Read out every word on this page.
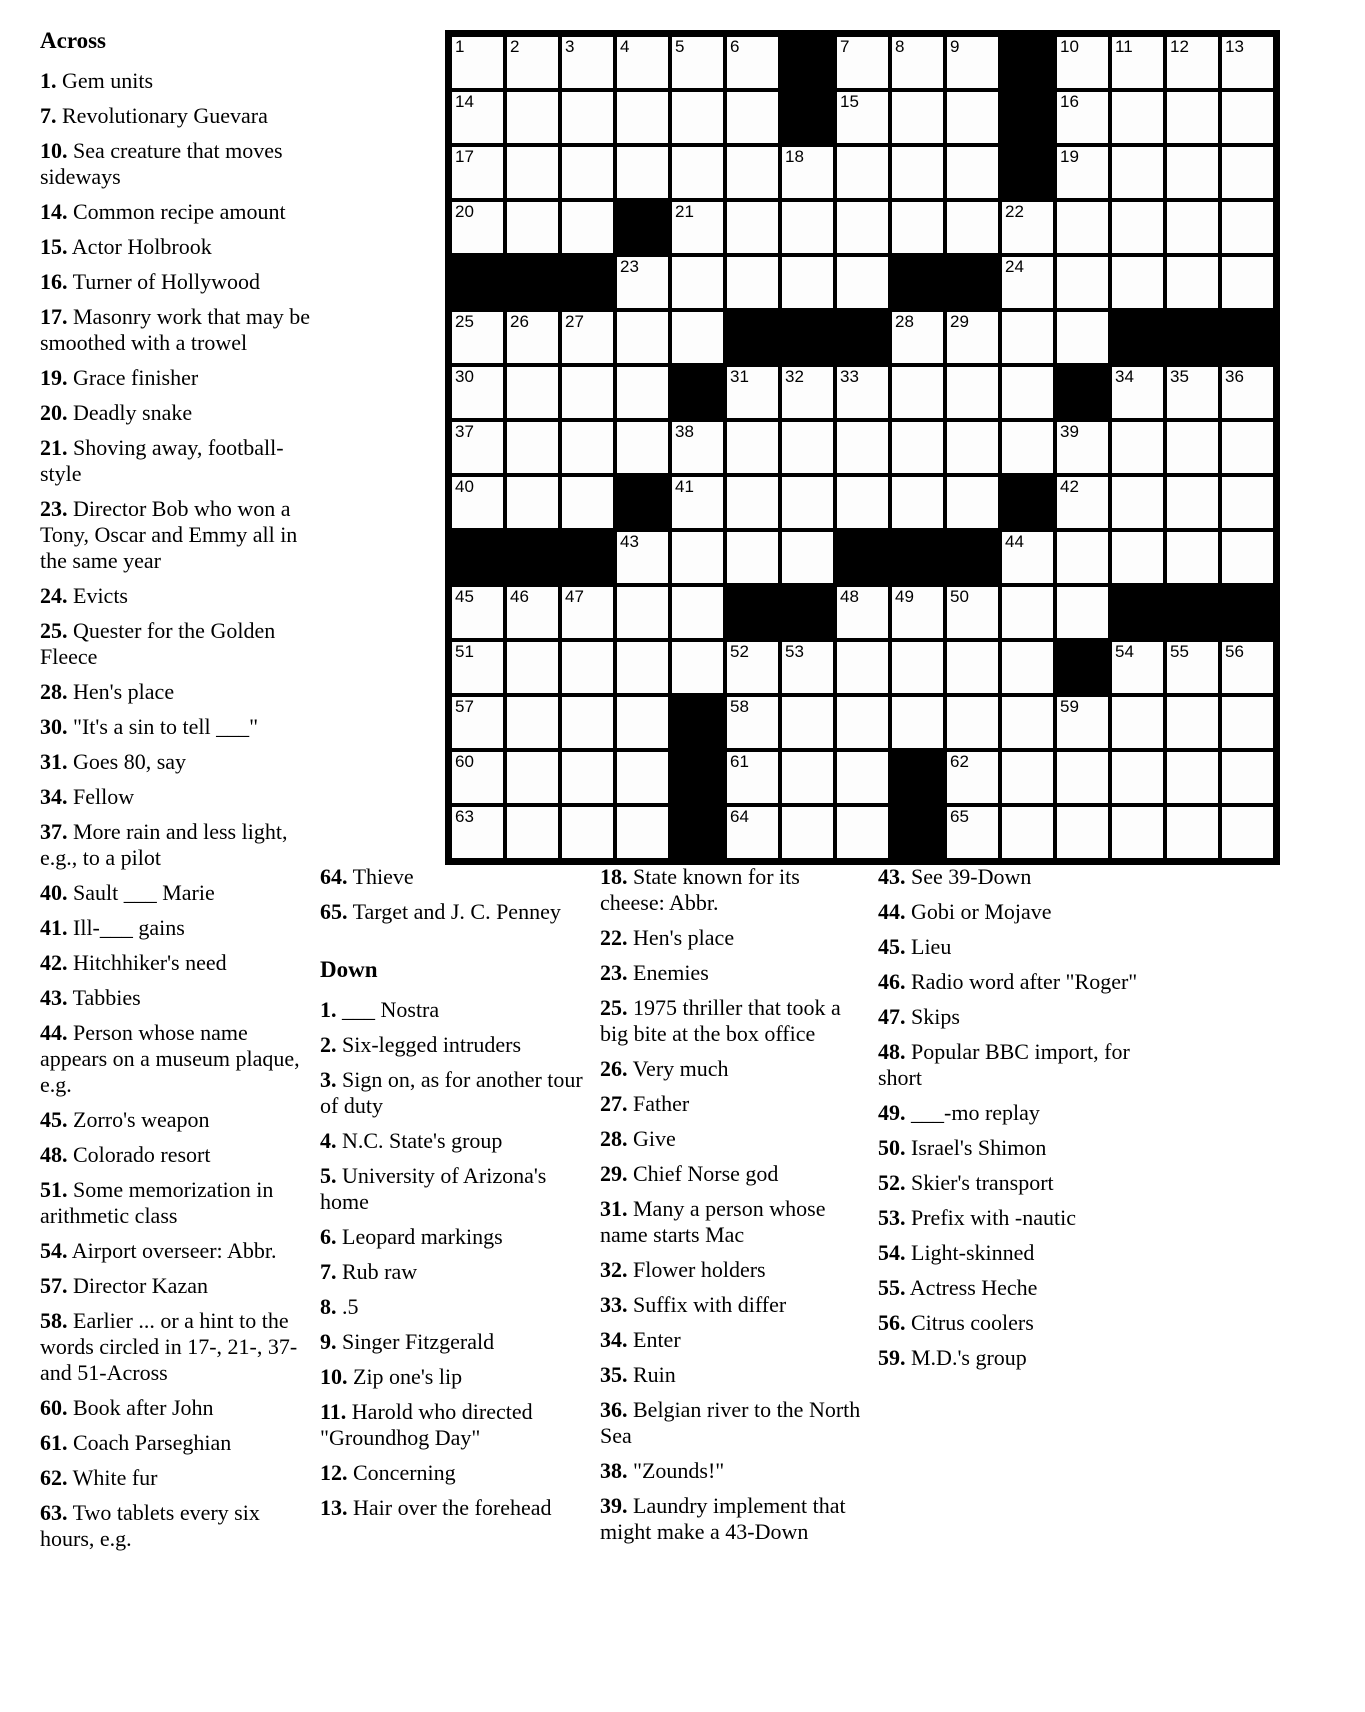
1	2	3	4	5	6	7	8	9	10 11 12 13
14	15	16
17	18	19
20	21	22
23	24
25 26 27	28 29
30	31 32 33	34 35 36
37	38	39
40	41	42
43	44
45 46 47	48 49 50
51	52 53	54 55 56
57	58	59
60	61	62
63	64	65
Across
1. Gem units
7. Revolutionary Guevara
10. Sea creature that moves sideways
14. Common recipe amount
15. Actor Holbrook
16. Turner of Hollywood
17. Masonry work that may be smoothed with a trowel
19. Grace finisher
20. Deadly snake
21. Shoving away, football-style
23. Director Bob who won a Tony, Oscar and Emmy all in the same year
24. Evicts
25. Quester for the Golden Fleece
28. Hen's place
30. "It's a sin to tell ___"
31. Goes 80, say
34. Fellow
37. More rain and less light, e.g., to a pilot
40. Sault ___ Marie
41. Ill-___ gains
42. Hitchhiker's need
43. Tabbies
44. Person whose name appears on a museum plaque, e.g.
45. Zorro's weapon
48. Colorado resort
51. Some memorization in arithmetic class
54. Airport overseer: Abbr.
57. Director Kazan
58. Earlier ... or a hint to the words circled in 17-, 21-, 37- and 51-Across
60. Book after John
61. Coach Parseghian
62. White fur
63. Two tablets every six hours, e.g.
64. Thieve
65. Target and J. C. Penney
Down
1. ___ Nostra
2. Six-legged intruders
3. Sign on, as for another tour of duty
4. N.C. State's group
5. University of Arizona's home
6. Leopard markings
7. Rub raw
8. .5
9. Singer Fitzgerald
10. Zip one's lip
11. Harold who directed "Groundhog Day"
12. Concerning
13. Hair over the forehead
18. State known for its cheese: Abbr.
22. Hen's place
23. Enemies
25. 1975 thriller that took a big bite at the box office
26. Very much
27. Father
28. Give
29. Chief Norse god
31. Many a person whose name starts Mac
32. Flower holders
33. Suffix with differ
34. Enter
35. Ruin
36. Belgian river to the North Sea
38. "Zounds!"
39. Laundry implement that might make a 43-Down
43. See 39-Down
44. Gobi or Mojave
45. Lieu
46. Radio word after "Roger"
47. Skips
48. Popular BBC import, for short
49. ___-mo replay
50. Israel's Shimon
52. Skier's transport
53. Prefix with -nautic
54. Light-skinned
55. Actress Heche
56. Citrus coolers
59. M.D.'s group
